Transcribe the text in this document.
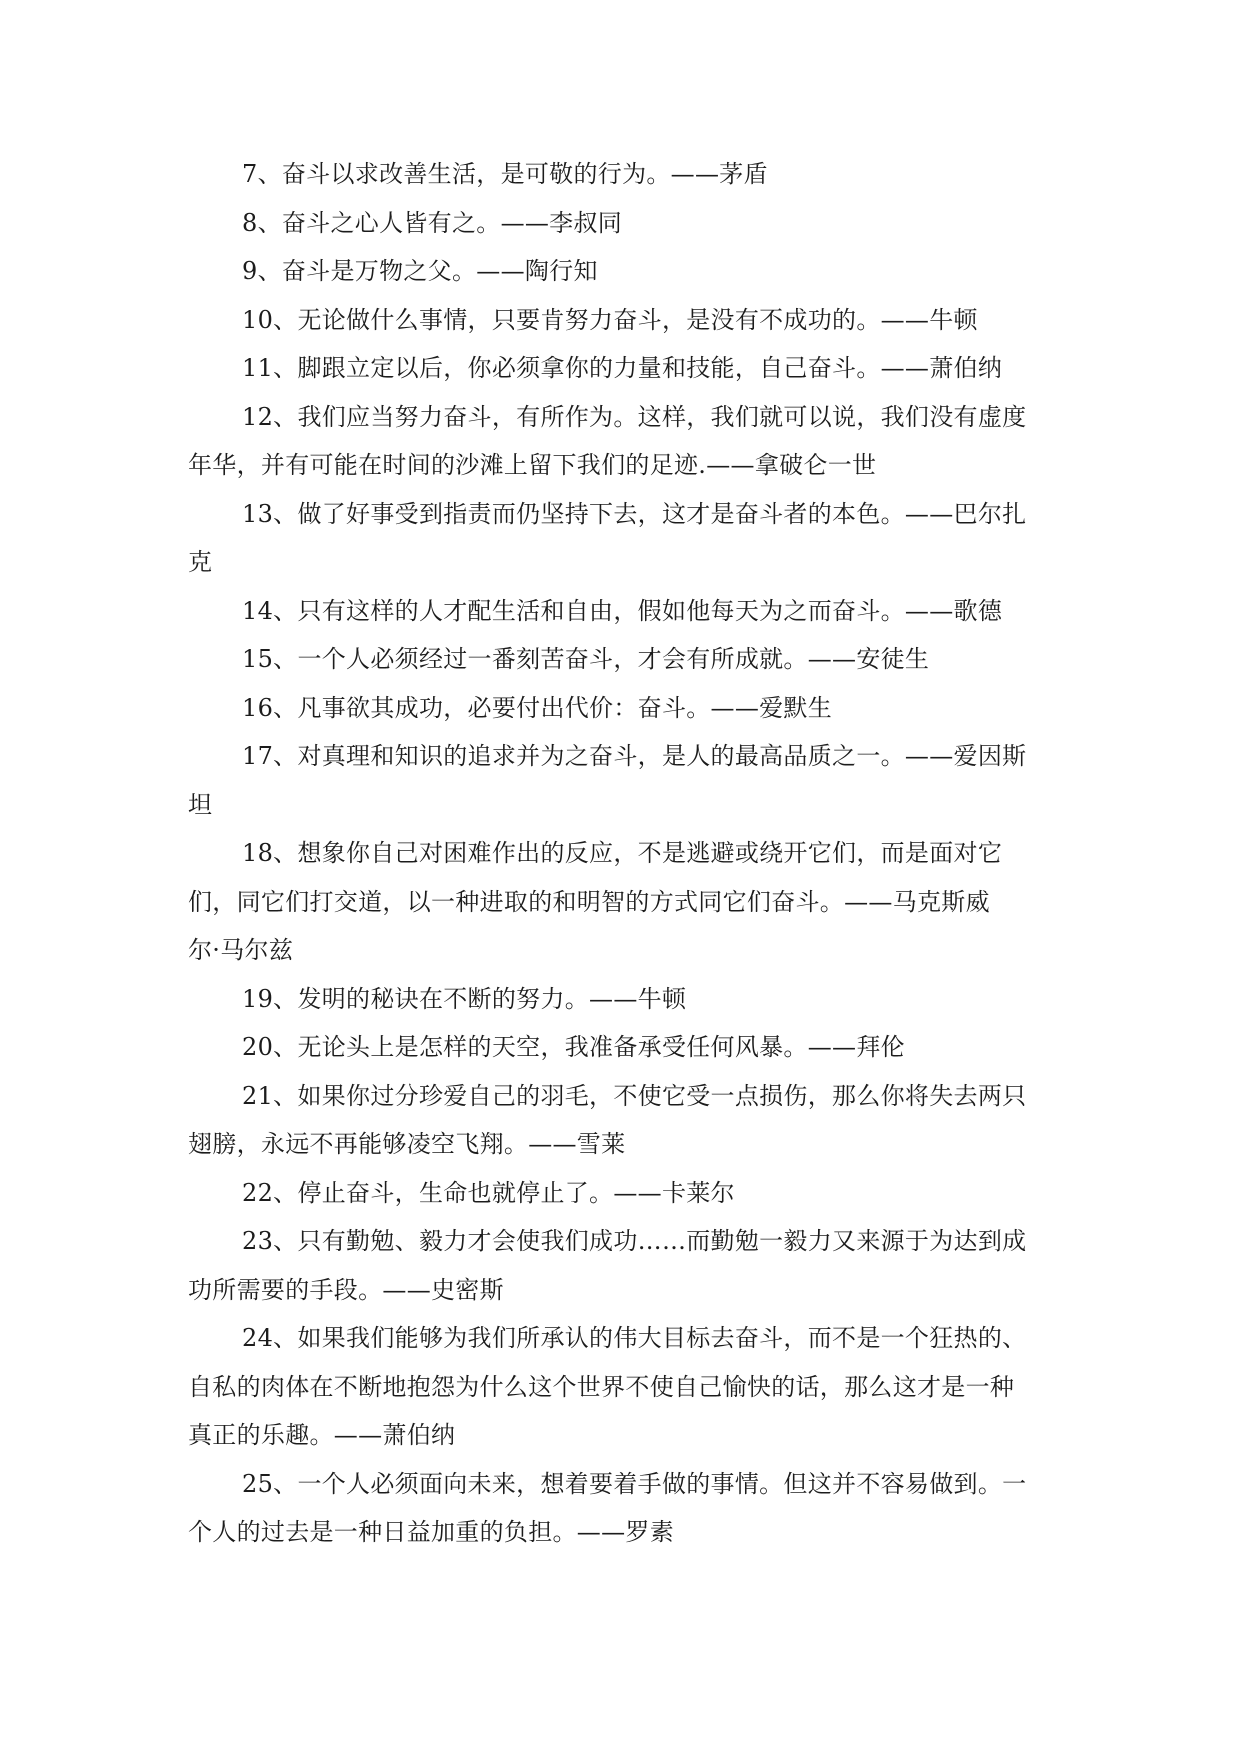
7、奋斗以求改善生活，是可敬的行为。——茅盾

8、奋斗之心人皆有之。——李叔同

9、奋斗是万物之父。——陶行知

10、无论做什么事情，只要肯努力奋斗，是没有不成功的。——牛顿

11、脚跟立定以后，你必须拿你的力量和技能，自己奋斗。——萧伯纳

12、我们应当努力奋斗，有所作为。这样，我们就可以说，我们没有虚度
年华，并有可能在时间的沙滩上留下我们的足迹.——拿破仑一世

13、做了好事受到指责而仍坚持下去，这才是奋斗者的本色。——巴尔扎
克

14、只有这样的人才配生活和自由，假如他每天为之而奋斗。——歌德

15、一个人必须经过一番刻苦奋斗，才会有所成就。——安徒生

16、凡事欲其成功，必要付出代价：奋斗。——爱默生

17、对真理和知识的追求并为之奋斗，是人的最高品质之一。——爱因斯
坦

18、想象你自己对困难作出的反应，不是逃避或绕开它们，而是面对它
们，同它们打交道，以一种进取的和明智的方式同它们奋斗。——马克斯威
尔·马尔兹

19、发明的秘诀在不断的努力。——牛顿

20、无论头上是怎样的天空，我准备承受任何风暴。——拜伦

21、如果你过分珍爱自己的羽毛，不使它受一点损伤，那么你将失去两只
翅膀，永远不再能够凌空飞翔。——雪莱

22、停止奋斗，生命也就停止了。——卡莱尔

23、只有勤勉、毅力才会使我们成功……而勤勉一毅力又来源于为达到成
功所需要的手段。——史密斯

24、如果我们能够为我们所承认的伟大目标去奋斗，而不是一个狂热的、
自私的肉体在不断地抱怨为什么这个世界不使自己愉快的话，那么这才是一种
真正的乐趣。——萧伯纳

25、一个人必须面向未来，想着要着手做的事情。但这并不容易做到。一
个人的过去是一种日益加重的负担。——罗素
